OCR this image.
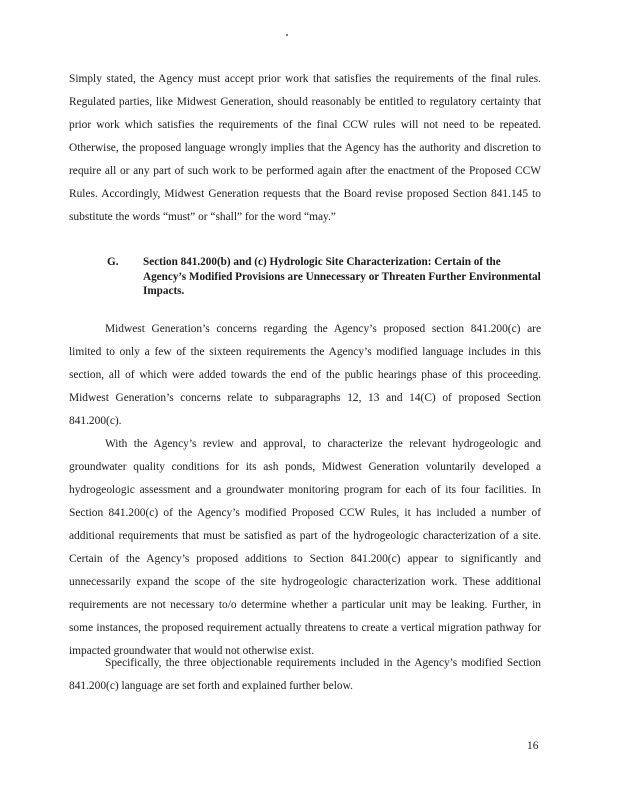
Simply stated, the Agency must accept prior work that satisfies the requirements of the final rules. Regulated parties, like Midwest Generation, should reasonably be entitled to regulatory certainty that prior work which satisfies the requirements of the final CCW rules will not need to be repeated. Otherwise, the proposed language wrongly implies that the Agency has the authority and discretion to require all or any part of such work to be performed again after the enactment of the Proposed CCW Rules. Accordingly, Midwest Generation requests that the Board revise proposed Section 841.145 to substitute the words “must” or “shall” for the word “may.”

G.	Section 841.200(b) and (c) Hydrologic Site Characterization: Certain of the Agency’s Modified Provisions are Unnecessary or Threaten Further Environmental Impacts.

Midwest Generation’s concerns regarding the Agency’s proposed section 841.200(c) are limited to only a few of the sixteen requirements the Agency’s modified language includes in this section, all of which were added towards the end of the public hearings phase of this proceeding. Midwest Generation’s concerns relate to subparagraphs 12, 13 and 14(C) of proposed Section 841.200(c).

With the Agency’s review and approval, to characterize the relevant hydrogeologic and groundwater quality conditions for its ash ponds, Midwest Generation voluntarily developed a hydrogeologic assessment and a groundwater monitoring program for each of its four facilities. In Section 841.200(c) of the Agency’s modified Proposed CCW Rules, it has included a number of additional requirements that must be satisfied as part of the hydrogeologic characterization of a site. Certain of the Agency’s proposed additions to Section 841.200(c) appear to significantly and unnecessarily expand the scope of the site hydrogeologic characterization work. These additional requirements are not necessary to/o determine whether a particular unit may be leaking. Further, in some instances, the proposed requirement actually threatens to create a vertical migration pathway for impacted groundwater that would not otherwise exist.

Specifically, the three objectionable requirements included in the Agency’s modified Section 841.200(c) language are set forth and explained further below.

16
